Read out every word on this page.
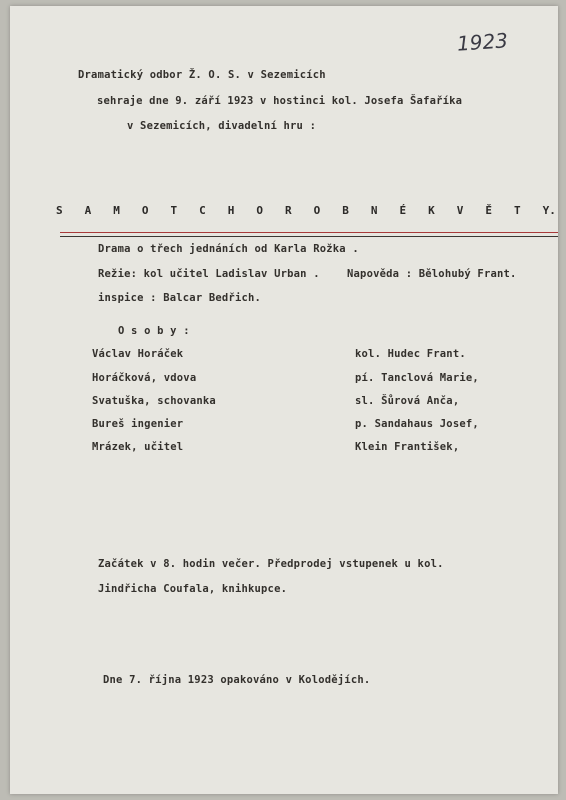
1923
Dramatický odbor Ž. O. S. v Sezemicích
sehraje dne 9. září 1923 v hostinci kol. Josefa Šafaříka
v Sezemicích, divadelní hru :
S A M O T C H O R O B N É K V Ě T Y.
Drama o třech jednáních od Karla Rožka .
Režie: kol učitel Ladislav Urban .	Napověda : Bělohubý Frant.
inspice : Balcar Bedřich.
O s o b y :
Václav Horáček	kol. Hudec Frant.
Horáčková, vdova	pí. Tanclová Marie,
Svatuška, schovanka	sl. Šůrová Anča,
Bureš ingenier	p. Sandahaus Josef,
Mrázek, učitel	Klein František,
Začátek v 8. hodin večer. Předprodej vstupenek u kol.
Jindřicha Coufala, knihkupce.
Dne 7. října 1923 opakováno v Kolodějích.
